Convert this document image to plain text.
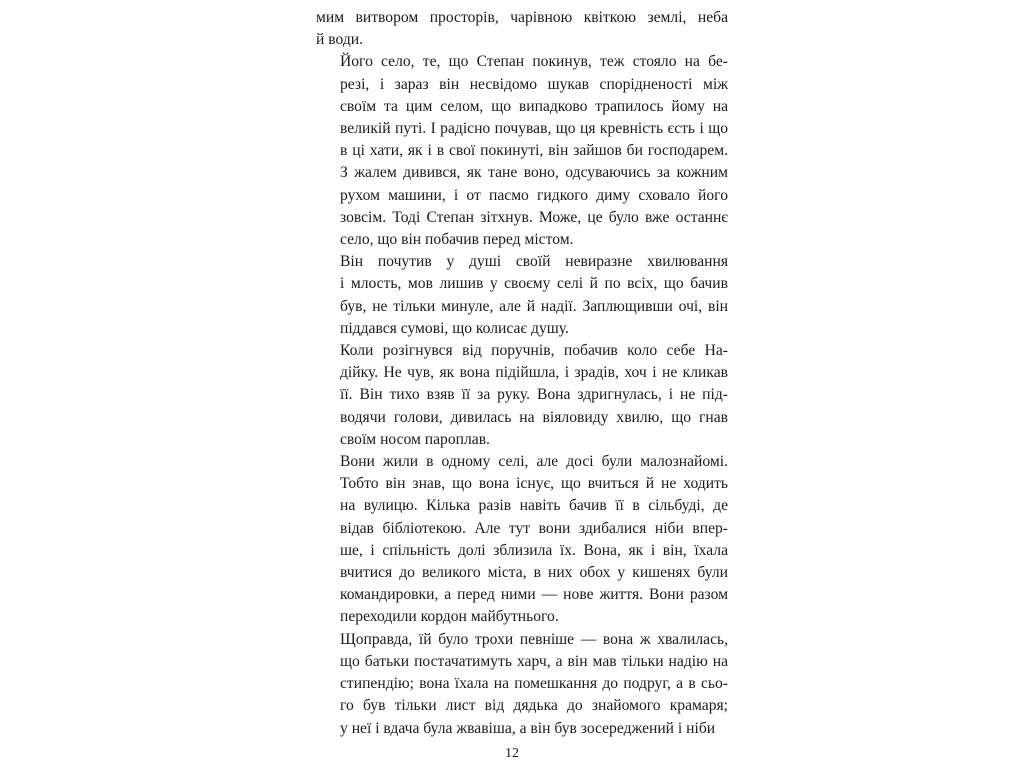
мим витвором просторів, чарівною квіткою землі, неба
й води.

Його село, те, що Степан покинув, теж стояло на бе-
резі, і зараз він несвідомо шукав спорідненостi між
своїм та цим селом, що випадково трапилось йому на
великій путі. І радісно почував, що ця кревність єсть і що
в ці хати, як і в свої покинуті, він зайшов би господарем.
З жалем дивився, як тане воно, одсуваючись за кожним
рухом машини, і от пасмо гидкого диму сховало його
зовсім. Тоді Степан зітхнув. Може, це було вже останнє
село, що він побачив перед містом.

Він почутив у душі своїй невиразне хвилювання
і млость, мов лишив у своєму селі й по всіх, що бачив
був, не тільки минуле, але й надії. Заплющивши очі, він
піддався сумові, що колисає душу.

Коли розігнувся від поручнів, побачив коло себе На-
дійку. Не чув, як вона підійшла, і зрадів, хоч і не кликав
її. Він тихо взяв її за руку. Вона здригнулась, і не під-
водячи голови, дивилась на віяловиду хвилю, що гнав
своїм носом пароплав.

Вони жили в одному селі, але досі були малознайомі.
Тобто він знав, що вона існує, що вчиться й не ходить
на вулицю. Кілька разів навіть бачив її в сільбуді, де
відав бібліотекою. Але тут вони здибалися ніби впер-
ше, і спільність долі зблизила їх. Вона, як і він, їхала
вчитися до великого міста, в них обох у кишенях були
командировки, а перед ними — нове життя. Вони разом
переходили кордон майбутнього.

Щоправда, їй було трохи певніше — вона ж хвалилась,
що батьки постачатимуть харч, а він мав тільки надію на
стипендію; вона їхала на помешкання до подруг, а в сьо-
го був тільки лист від дядька до знайомого крамаря;
у неї і вдача була жвавіша, а він був зосереджений і ніби

12
